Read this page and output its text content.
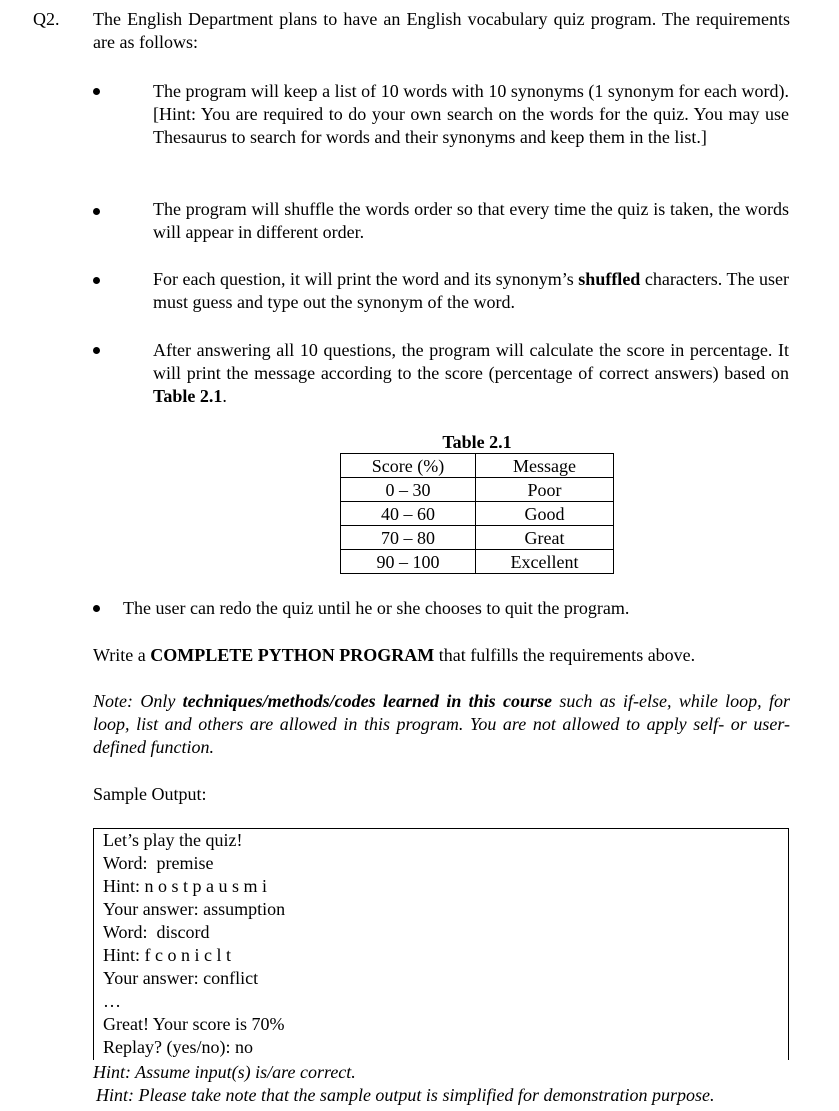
Q2. The English Department plans to have an English vocabulary quiz program. The requirements are as follows:
The program will keep a list of 10 words with 10 synonyms (1 synonym for each word). [Hint: You are required to do your own search on the words for the quiz. You may use Thesaurus to search for words and their synonyms and keep them in the list.]
The program will shuffle the words order so that every time the quiz is taken, the words will appear in different order.
For each question, it will print the word and its synonym’s shuffled characters. The user must guess and type out the synonym of the word.
After answering all 10 questions, the program will calculate the score in percentage. It will print the message according to the score (percentage of correct answers) based on Table 2.1.
Table 2.1
Score (%)	Message
0 – 30	Poor
40 – 60	Good
70 – 80	Great
90 – 100	Excellent
The user can redo the quiz until he or she chooses to quit the program.
Write a COMPLETE PYTHON PROGRAM that fulfills the requirements above.
Note: Only techniques/methods/codes learned in this course such as if-else, while loop, for loop, list and others are allowed in this program. You are not allowed to apply self- or user-defined function.
Sample Output:
Let’s play the quiz!
Word:  premise
Hint: n o s t p a u s m i
Your answer: assumption
Word:  discord
Hint: f c o n i c l t
Your answer: conflict
…
Great! Your score is 70%
Replay? (yes/no): no
Hint: Assume input(s) is/are correct.
Hint: Please take note that the sample output is simplified for demonstration purpose.
